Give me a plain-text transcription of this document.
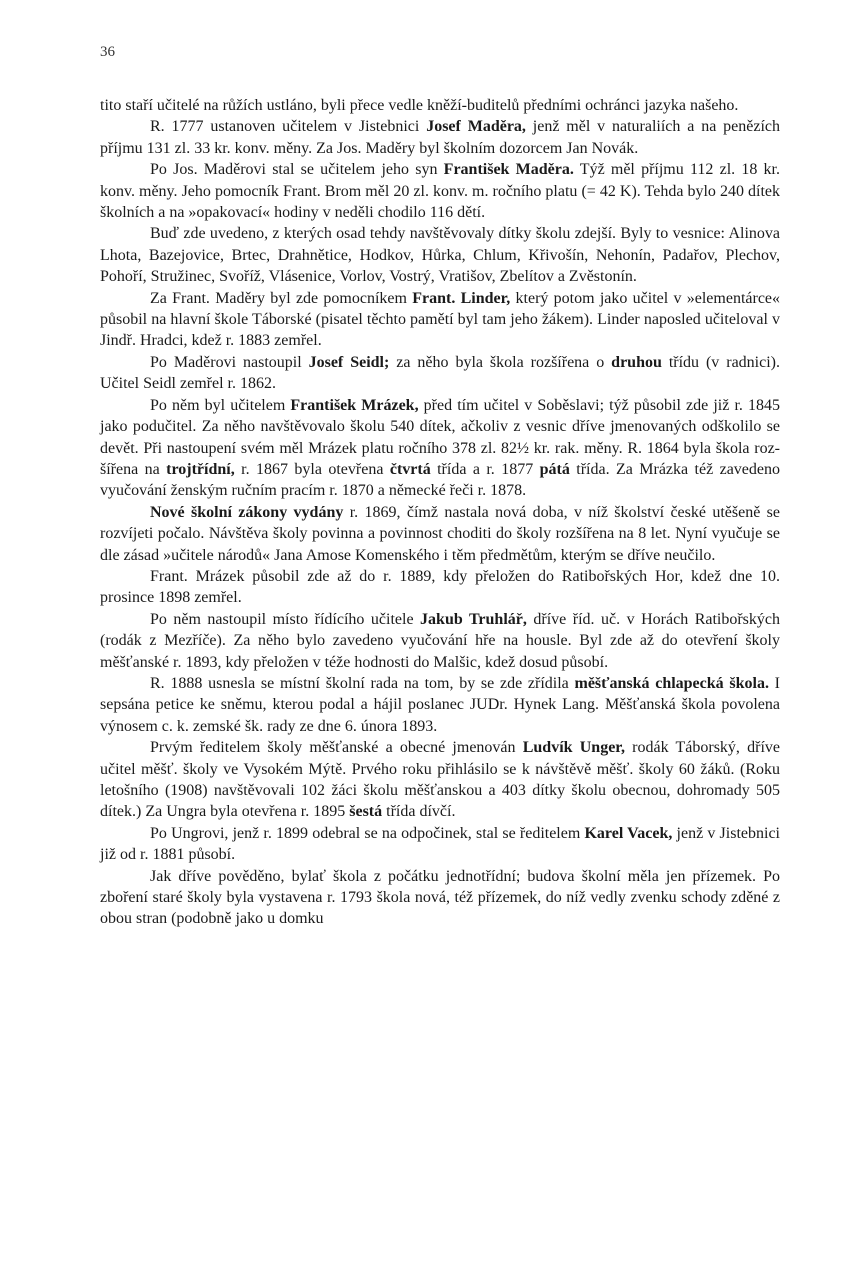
36

tito staří učitelé na růžích ustláno, byli přece vedle kněží-buditelů předními ochránci jazyka našeho.

R. 1777 ustanoven učitelem v Jistebnici Josef Maděra, jenž měl v naturaliích a na penězích příjmu 131 zl. 33 kr. konv. měny. Za Jos. Maděry byl školním dozorcem Jan Novák.

Po Jos. Maděrovi stal se učitelem jeho syn František Maděra. Týž měl příjmu 112 zl. 18 kr. konv. měny. Jeho pomocník Frant. Brom měl 20 zl. konv. m. ročního platu (= 42 K). Tehda bylo 240 dítek školních a na »opakovací« hodiny v neděli chodilo 116 dětí.

Buď zde uvedeno, z kterých osad tehdy navštěvovaly dítky školu zdejší. Byly to vesnice: Alinova Lhota, Bazejovice, Brtec, Drahnětice, Hodkov, Hůrka, Chlum, Křivošín, Nehonín, Padařov, Plechov, Pohoří, Stružinec, Svoříž, Vlásenice, Vorlov, Vostrý, Vratišov, Zbelítov a Zvěstonín.

Za Frant. Maděry byl zde pomocníkem Frant. Linder, který potom jako učitel v »elementárce« působil na hlavní škole Táborské (pisatel těchto pamětí byl tam jeho žákem). Linder naposled učiteloval v Jindř. Hradci, kdež r. 1883 zemřel.

Po Maděrovi nastoupil Josef Seidl; za něho byla škola rozšířena o druhou třídu (v radnici). Učitel Seidl zemřel r. 1862.

Po něm byl učitelem František Mrázek, před tím učitel v Soběslavi; týž působil zde již r. 1845 jako podučitel. Za něho navštěvovalo školu 540 dítek, ačkoliv z vesnic dříve jmenovaných odškolilo se devět. Při nastoupení svém měl Mrázek platu ročního 378 zl. 82½ kr. rak. měny. R. 1864 byla škola rozšířena na trojtřídní, r. 1867 byla otevřena čtvrtá třída a r. 1877 pátá třída. Za Mrázka též zavedeno vyučování ženským ručním pracím r. 1870 a německé řeči r. 1878.

Nové školní zákony vydány r. 1869, čímž nastala nová doba, v níž školství české utěšeně se rozvíjeti počalo. Návštěva školy povinna a povinnost choditi do školy rozšířena na 8 let. Nyní vyučuje se dle zásad »učitele národů« Jana Amose Komenského i těm předmětům, kterým se dříve neučilo.

Frant. Mrázek působil zde až do r. 1889, kdy přeložen do Ratibořských Hor, kdež dne 10. prosince 1898 zemřel.

Po něm nastoupil místo řídícího učitele Jakub Truhlář, dříve říd. uč. v Horách Ratibořských (rodák z Mezříče). Za něho bylo zavedeno vyučování hře na housle. Byl zde až do otevření školy měšťanské r. 1893, kdy přeložen v téže hodnosti do Malšic, kdež dosud působí.

R. 1888 usnesla se místní školní rada na tom, by se zde zřídila měšťanská chlapecká škola. I sepsána petice ke sněmu, kterou podal a hájil poslanec JUDr. Hynek Lang. Měšťanská škola povolena výnosem c. k. zemské šk. rady ze dne 6. února 1893.

Prvým ředitelem školy měšťanské a obecné jmenován Ludvík Unger, rodák Táborský, dříve učitel měšť. školy ve Vysokém Mýtě. Prvého roku přihlásilo se k návštěvě měšť. školy 60 žáků. (Roku letošního (1908) navštěvovali 102 žáci školu měšťanskou a 403 dítky školu obecnou, dohromady 505 dítek.) Za Ungra byla otevřena r. 1895 šestá třída dívčí.

Po Ungrovi, jenž r. 1899 odebral se na odpočinek, stal se ředitelem Karel Vacek, jenž v Jistebnici již od r. 1881 působí.

Jak dříve pověděno, bylať škola z počátku jednotřídní; budova školní měla jen přízemek. Po zboření staré školy byla vystavena r. 1793 škola nová, též přízemek, do níž vedly zvenku schody zděné z obou stran (podobně jako u domku
